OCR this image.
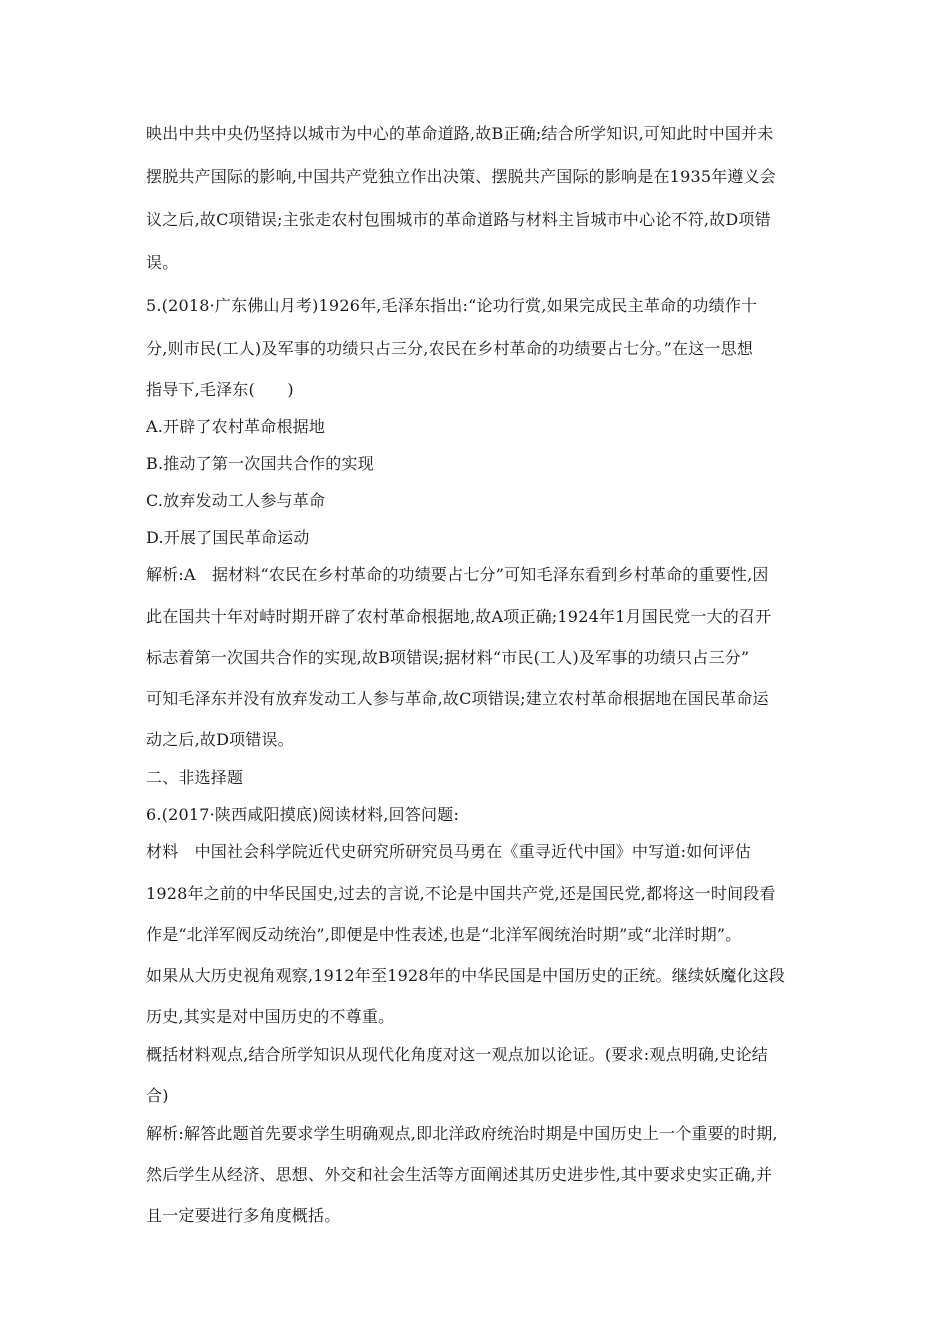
映出中共中央仍坚持以城市为中心的革命道路,故B正确;结合所学知识,可知此时中国并未
摆脱共产国际的影响,中国共产党独立作出决策、摆脱共产国际的影响是在1935年遵义会
议之后,故C项错误;主张走农村包围城市的革命道路与材料主旨城市中心论不符,故D项错
误。
5.(2018·广东佛山月考)1926年,毛泽东指出:“论功行赏,如果完成民主革命的功绩作十
分,则市民(工人)及军事的功绩只占三分,农民在乡村革命的功绩要占七分。”在这一思想
指导下,毛泽东(　　)
A.开辟了农村革命根据地
B.推动了第一次国共合作的实现
C.放弃发动工人参与革命
D.开展了国民革命运动
解析:A　据材料“农民在乡村革命的功绩要占七分”可知毛泽东看到乡村革命的重要性,因
此在国共十年对峙时期开辟了农村革命根据地,故A项正确;1924年1月国民党一大的召开
标志着第一次国共合作的实现,故B项错误;据材料“市民(工人)及军事的功绩只占三分”
可知毛泽东并没有放弃发动工人参与革命,故C项错误;建立农村革命根据地在国民革命运
动之后,故D项错误。
二、非选择题
6.(2017·陕西咸阳摸底)阅读材料,回答问题:
材料　中国社会科学院近代史研究所研究员马勇在《重寻近代中国》中写道:如何评估
1928年之前的中华民国史,过去的言说,不论是中国共产党,还是国民党,都将这一时间段看
作是“北洋军阀反动统治”,即便是中性表述,也是“北洋军阀统治时期”或“北洋时期”。
如果从大历史视角观察,1912年至1928年的中华民国是中国历史的正统。继续妖魔化这段
历史,其实是对中国历史的不尊重。
概括材料观点,结合所学知识从现代化角度对这一观点加以论证。(要求:观点明确,史论结
合)
解析:解答此题首先要求学生明确观点,即北洋政府统治时期是中国历史上一个重要的时期,
然后学生从经济、思想、外交和社会生活等方面阐述其历史进步性,其中要求史实正确,并
且一定要进行多角度概括。
